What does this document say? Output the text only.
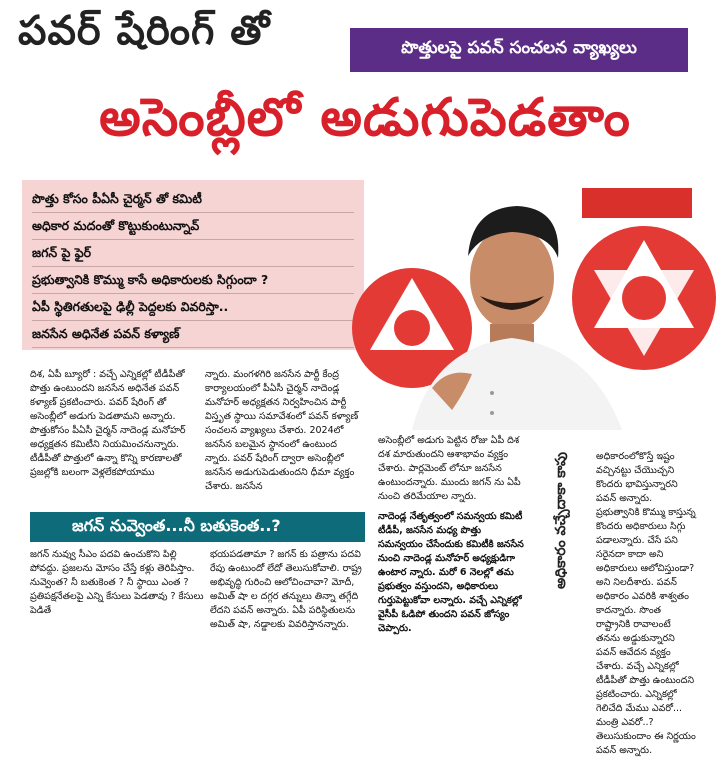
పవర్ షేరింగ్ తో	పొత్తులపై పవన్ సంచలన వ్యాఖ్యలు
అసెంబ్లీలో అడుగుపెడతాం
పొత్తు కోసం పీఏసీ చైర్మన్ తో కమిటీ
అధికార మదంతో కొట్టుకుంటున్నావ్
జగన్ పై ఫైర్
ప్రభుత్వానికి కొమ్ము కాసే అధికారులకు సిగ్గుందా ?
ఏపీ స్థితిగతులపై ఢిల్లీ పెద్దలకు వివరిస్తా..
జనసేన అధినేత పవన్ కళ్యాణ్
దిశ, ఏపీ బ్యూరో : వచ్చే ఎన్నికల్లో టీడీపీతో పొత్తు ఉంటుందని జనసేన అధినేత పవన్ కళ్యాణ్ ప్రకటించారు. పవర్ షేరింగ్ తో అసెంబ్లీలో అడుగు పెడతామని అన్నారు. పొత్తుకోసం పీఏసీ చైర్మన్ నాదెండ్ల మనోహర్ అధ్యక్షతన కమిటీని నియమించనున్నారు. టీడీపీతో పొత్తులో ఉన్నా కొన్ని కారణాలతో ప్రజల్లోకి బలంగా వెళ్లలేకపోయాము
న్నారు. మంగళగిరి జనసేన పార్టీ కేంద్ర కార్యాలయంలో పీఏసీ చైర్మన్ నాదెండ్ల మనోహర్ అధ్యక్షతన నిర్వహించిన పార్టీ విస్తృత స్థాయి సమావేశంలో పవన్ కళ్యాణ్ సంచలన వ్యాఖ్యలు చేశారు. 2024లో జనసేన బలమైన స్థానంలో ఉంటుంద న్నారు. పవర్ షేరింగ్ ద్వారా అసెంబ్లీలో జనసేన అడుగుపెడుతుందని ధీమా వ్యక్తం చేశారు. జనసేన
అసెంబ్లీలో అడుగు పెట్టిన రోజు ఏపీ దిశ దశ మారుతుందని ఆశాభావం వ్యక్తం చేశారు. పార్లమెంట్ లోనూ జనసేన ఉంటుందన్నారు. ముందు జగన్ ను ఏపీ నుంచి తరిమేయాల న్నారు.
నాదెండ్ల నేతృత్వంలో సమన్వయ కమిటీ టీడీపీ, జనసేన మధ్య పొత్తు సమన్వయం చేసేందుకు కమిటీకి జనసేన నుంచి నాదెండ్ల మనోహర్ అధ్యక్షుడిగా ఉంటార న్నారు. మరో 6 నెలల్లో తమ ప్రభుత్వం వస్తుందని, అధికారులు గుర్తుపెట్టుకోవా లన్నారు. వచ్చే ఎన్నికల్లో వైసీపీ ఓడిపో తుందని పవన్ జోస్యం చెప్పారు.
అధికారం వచ్చేదాకా కాపు	అధికారంలోకొస్తే ఇష్టం వచ్చినట్టు చేయొచ్చని కొందరు భావిస్తున్నారని పవన్ అన్నారు. ప్రభుత్వానికి కొమ్ము కాస్తున్న కొందరు అధికారులు సిగ్గు పడాలన్నారు. చేసే పని సరైనదా కాదా అని అధికారులు ఆలోచిస్తుండా? అని నిలదీశారు. పవన్ అధికారం ఎవరికి శాశ్వతం కాదన్నారు. సొంత రాష్ట్రానికి రావాలంటే తనను అడ్డుకున్నారని పవన్ ఆవేదన వ్యక్తం చేశారు. వచ్చే ఎన్నికల్లో టీడీపీతో పొత్తు ఉంటుందని ప్రకటించారు. ఎన్నికల్లో గెలిచేది మేము ఎవరో... మంత్రి ఎవరో..? తెలుసుకుందాం ఈ నిర్ణయం పవన్ అన్నారు.
జగన్ నువ్వెంత...నీ బతుకెంత..?
జగన్ నువ్వు సీఎం పదవి ఉంచుకొని పిల్లి పోవద్దు. ప్రజలను మోసం చేస్తే కళ్లు తెరిపిస్తాం. నువ్వెంత? నీ బతుకెంత ? నీ స్థాయి ఎంత ? ప్రతిపక్షనేతలపై ఎన్ని కేసులు పెడతావు ? కేసులు పెడితే
భయపడతామా ? జగన్ కు పత్రాను పదవి రేపు ఉంటుందో లేదో తెలుసుకోవాలి. రాష్ట్ర అభివృద్ధి గురించి ఆలోచించావా? మోదీ, అమిత్ షా ల దగ్గర తన్నులు తిన్నా తగ్గేది లేదని పవన్ అన్నారు. ఏపీ పరిస్థితులను అమిత్ షా, నడ్డాలకు వివరిస్తానన్నారు.
